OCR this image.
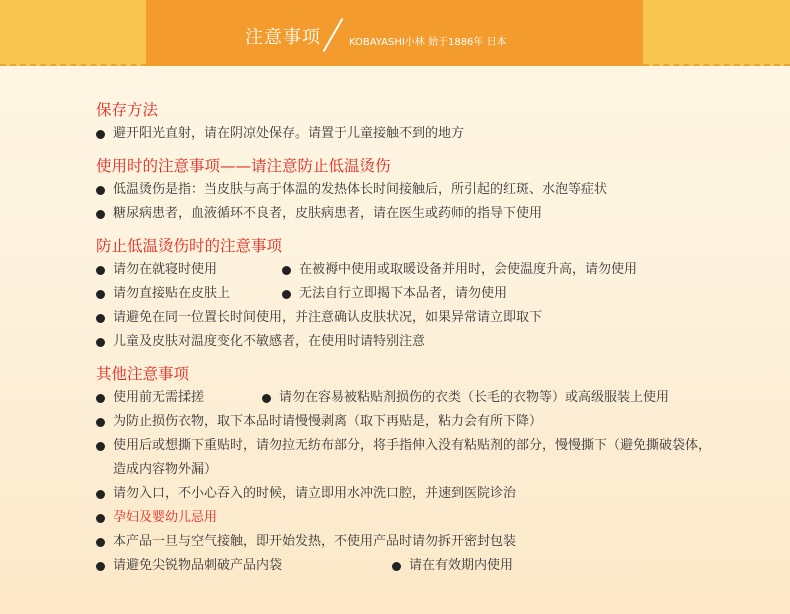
注意事项	KOBAYASHI小林 始于1886年 日本
保存方法
避开阳光直射，请在阴凉处保存。请置于儿童接触不到的地方
使用时的注意事项——请注意防止低温烫伤
低温烫伤是指：当皮肤与高于体温的发热体长时间接触后，所引起的红斑、水泡等症状
糖尿病患者，血液循环不良者，皮肤病患者，请在医生或药师的指导下使用
防止低温烫伤时的注意事项
请勿在就寝时使用	在被褥中使用或取暖设备并用时，会使温度升高，请勿使用
请勿直接贴在皮肤上	无法自行立即揭下本品者，请勿使用
请避免在同一位置长时间使用，并注意确认皮肤状况，如果异常请立即取下
儿童及皮肤对温度变化不敏感者，在使用时请特别注意
其他注意事项
使用前无需揉搓	请勿在容易被粘贴剂损伤的衣类（长毛的衣物等）或高级服装上使用
为防止损伤衣物，取下本品时请慢慢剥离（取下再贴是，粘力会有所下降）
使用后或想撕下重贴时，请勿拉无纺布部分，将手指伸入没有粘贴剂的部分，慢慢撕下（避免撕破袋体，造成内容物外漏）
请勿入口，不小心吞入的时候，请立即用水冲洗口腔，并速到医院诊治
孕妇及婴幼儿忌用
本产品一旦与空气接触，即开始发热，不使用产品时请勿拆开密封包装
请避免尖锐物品刺破产品内袋	请在有效期内使用
